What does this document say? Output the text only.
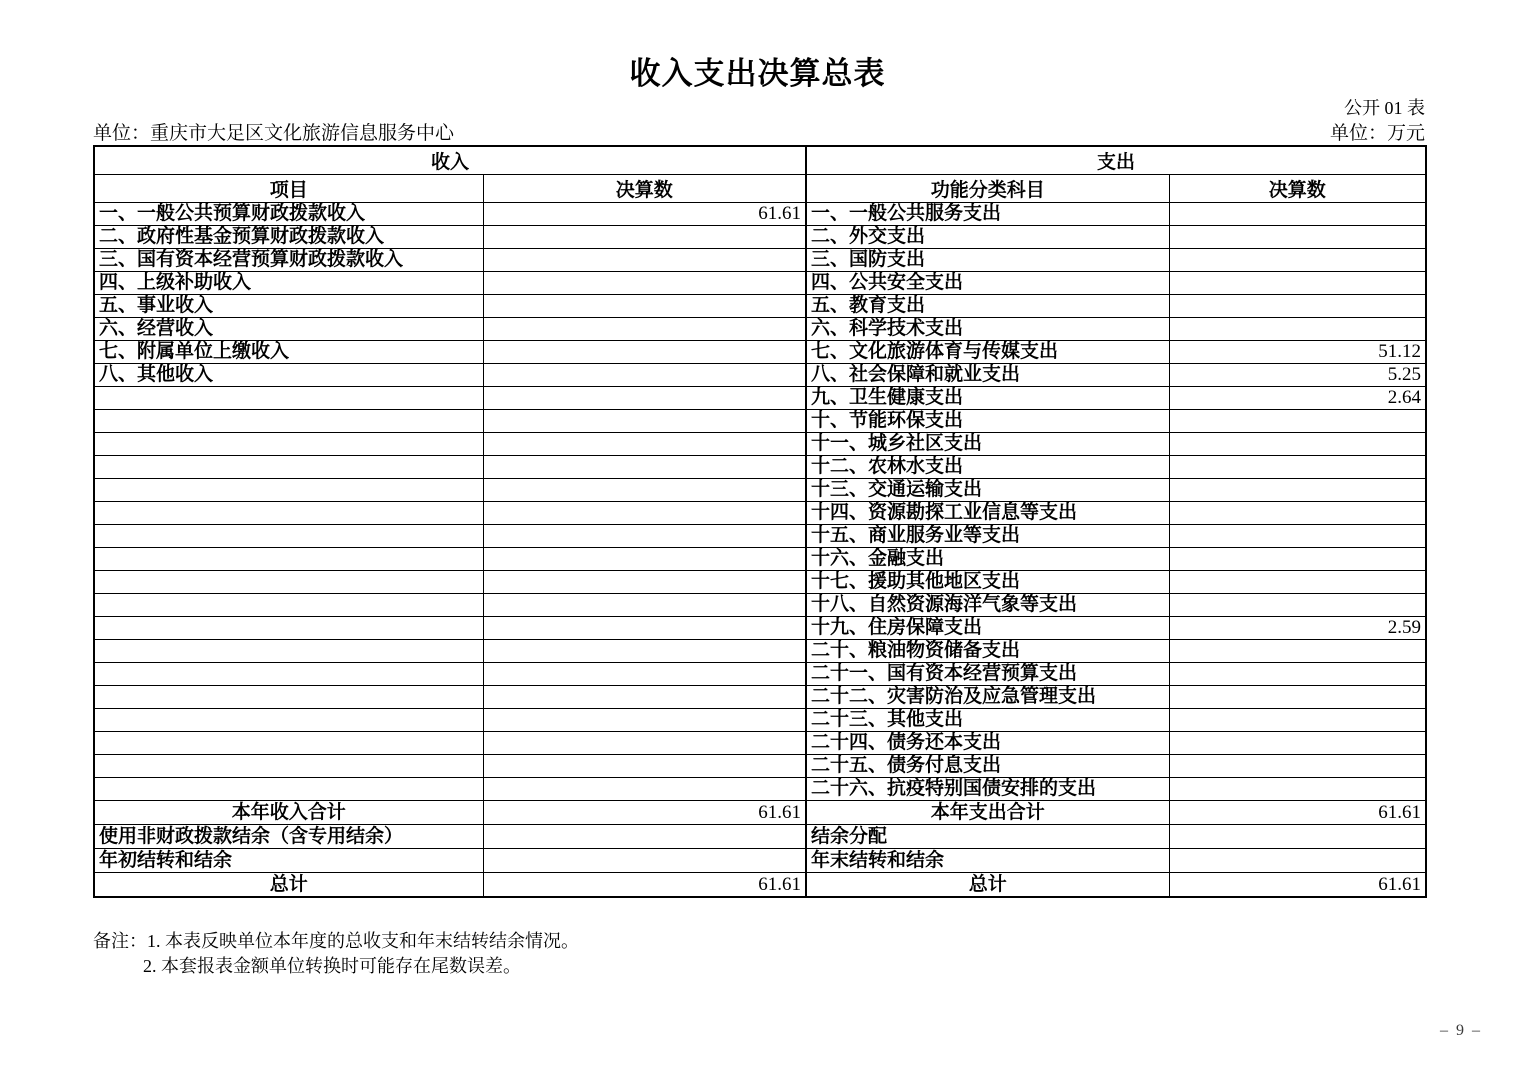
收入支出决算总表
公开 01 表
单位：重庆市大足区文化旅游信息服务中心	单位：万元
收入		支出	
项目	决算数	功能分类科目	决算数
一、一般公共预算财政拨款收入	61.61	一、一般公共服务支出	
二、政府性基金预算财政拨款收入		二、外交支出	
三、国有资本经营预算财政拨款收入		三、国防支出	
四、上级补助收入		四、公共安全支出	
五、事业收入		五、教育支出	
六、经营收入		六、科学技术支出	
七、附属单位上缴收入		七、文化旅游体育与传媒支出	51.12
八、其他收入		八、社会保障和就业支出	5.25
		九、卫生健康支出	2.64
		十、节能环保支出	
		十一、城乡社区支出	
		十二、农林水支出	
		十三、交通运输支出	
		十四、资源勘探工业信息等支出	
		十五、商业服务业等支出	
		十六、金融支出	
		十七、援助其他地区支出	
		十八、自然资源海洋气象等支出	
		十九、住房保障支出	2.59
		二十、粮油物资储备支出	
		二十一、国有资本经营预算支出	
		二十二、灾害防治及应急管理支出	
		二十三、其他支出	
		二十四、债务还本支出	
		二十五、债务付息支出	
		二十六、抗疫特别国债安排的支出	
本年收入合计	61.61	本年支出合计	61.61
使用非财政拨款结余（含专用结余）		结余分配	
年初结转和结余		年末结转和结余	
总计	61.61	总计	61.61
备注：1. 本表反映单位本年度的总收支和年末结转结余情况。
2. 本套报表金额单位转换时可能存在尾数误差。
– 9 –
